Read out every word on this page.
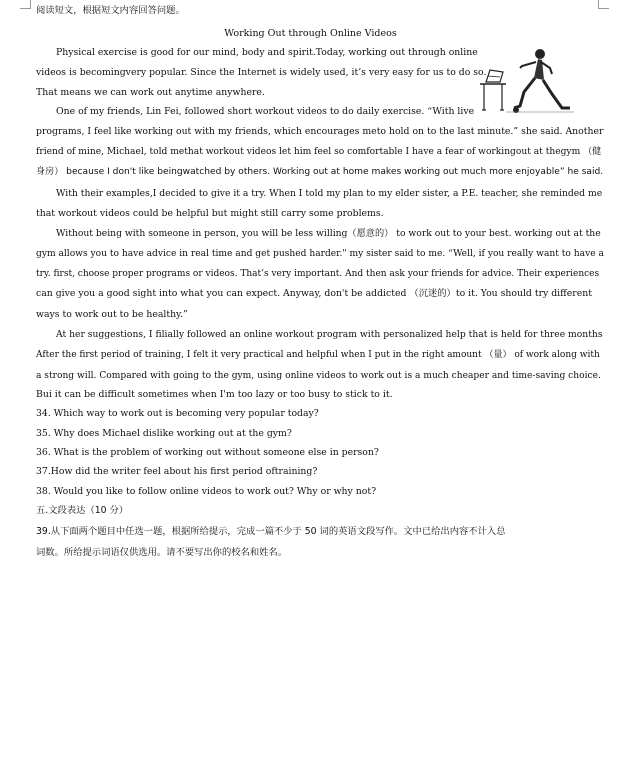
阅读短文，根据短文内容回答问题。
Working Out through Online Videos
Physical exercise is good for our mind, body and spirit.Today, working out through online
videos is becomingvery popular. Since the Internet is widely used, it’s very easy for us to do so.
That means we can work out anytime anywhere.
One of my friends, Lin Fei, followed short workout videos to do daily exercise. “With live
programs, I feel like working out with my friends, which encourages meto hold on to the last minute.” she said. Another
friend of mine, Michael, told methat workout videos let him feel so comfortable I have a fear of workingout at thegym （健
身房） because I don't like beingwatched by others. Working out at home makes working out much more enjoyable” he said.
With their examples,I decided to give it a try. When I told my plan to my elder sister, a P.E. teacher, she reminded me
that workout videos could be helpful but might still carry some problems.
Without being with someone in person, you will be less willing（愿意的） to work out to your best. working out at the
gym allows you to have advice in real time and get pushed harder." my sister said to me. “Well, if you really want to have a
try. first, choose proper programs or videos. That’s very important. And then ask your friends for advice. Their experiences
can give you a good sight into what you can expect. Anyway, don't be addicted （沉迷的）to it. You should try different
ways to work out to be healthy.”
At her suggestions, I filially followed an online workout program with personalized help that is held for three months
After the first period of training, I felt it very practical and helpful when I put in the right amount （量） of work along with
a strong will. Compared with going to the gym, using online videos to work out is a much cheaper and time-saving choice.
Bui it can be difficult sometimes when I'm too lazy or too busy to stick to it.
34. Which way to work out is becoming very popular today?
35. Why does Michael dislike working out at the gym?
36. What is the problem of working out without someone else in person?
37.How did the writer feel about his first period oftraining?
38. Would you like to follow online videos to work out? Why or why not?
五.文段表达（10 分）
39.从下面两个题目中任选一题，根据所给提示，完成一篇不少于 50 词的英语文段写作。文中已给出内容不计入总
词数。所给提示词语仅供选用。请不要写出你的校名和姓名。
